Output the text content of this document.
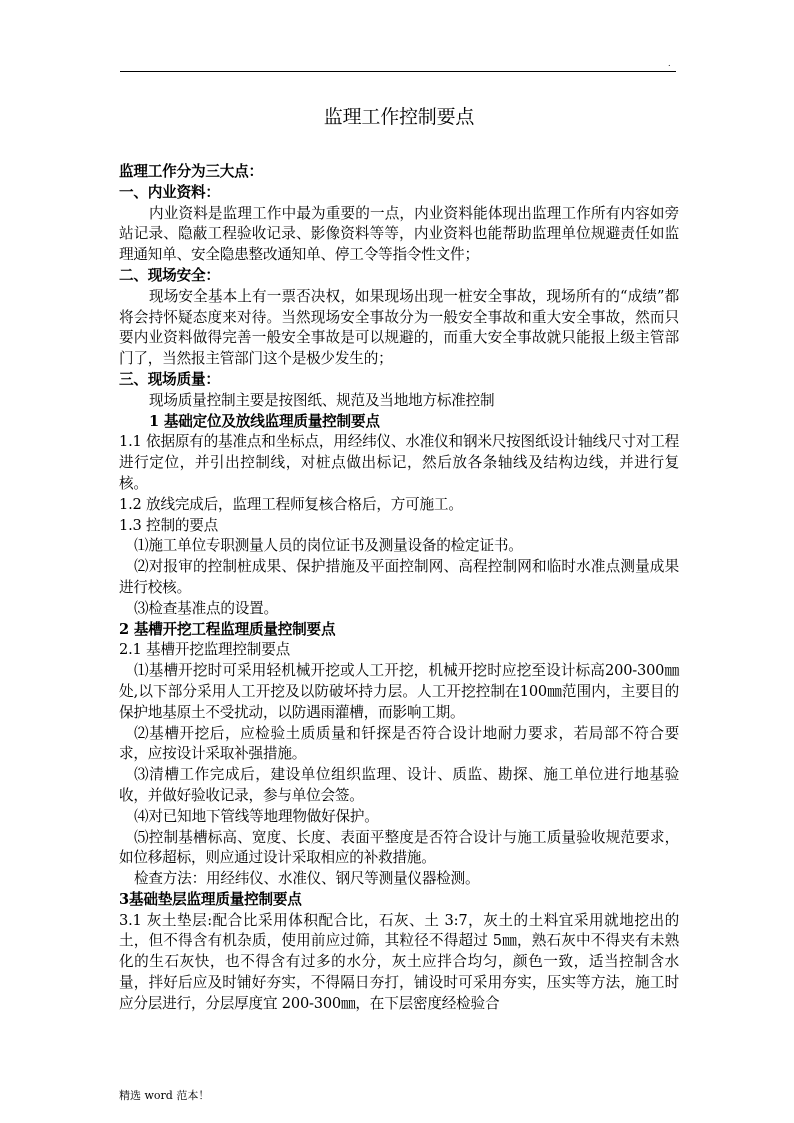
.
监理工作控制要点

监理工作分为三大点：

一、内业资料：

内业资料是监理工作中最为重要的一点，内业资料能体现出监理工作所有内容如旁站记录、隐蔽工程验收记录、影像资料等等，内业资料也能帮助监理单位规避责任如监理通知单、安全隐患整改通知单、停工令等指令性文件；

二、现场安全：

现场安全基本上有一票否决权，如果现场出现一桩安全事故，现场所有的“成绩”都将会持怀疑态度来对待。当然现场安全事故分为一般安全事故和重大安全事故，然而只要内业资料做得完善一般安全事故是可以规避的，而重大安全事故就只能报上级主管部门了，当然报主管部门这个是极少发生的；

三、现场质量：

现场质量控制主要是按图纸、规范及当地地方标准控制

1 基础定位及放线监理质量控制要点

1.1 依据原有的基准点和坐标点，用经纬仪、水准仪和钢米尺按图纸设计轴线尺寸对工程进行定位，并引出控制线，对桩点做出标记，然后放各条轴线及结构边线，并进行复核。

1.2 放线完成后，监理工程师复核合格后，方可施工。

1.3 控制的要点

⑴施工单位专职测量人员的岗位证书及测量设备的检定证书。

⑵对报审的控制桩成果、保护措施及平面控制网、高程控制网和临时水准点测量成果进行校核。

⑶检查基准点的设置。

2 基槽开挖工程监理质量控制要点

2.1 基槽开挖监理控制要点

⑴基槽开挖时可采用轻机械开挖或人工开挖，机械开挖时应挖至设计标高200-300㎜处,以下部分采用人工开挖及以防破坏持力层。人工开挖控制在100㎜范围内，主要目的保护地基原土不受扰动，以防遇雨灌槽，而影响工期。

⑵基槽开挖后，应检验土质质量和钎探是否符合设计地耐力要求，若局部不符合要求，应按设计采取补强措施。

⑶清槽工作完成后，建设单位组织监理、设计、质监、勘探、施工单位进行地基验收，并做好验收记录，参与单位会签。

⑷对已知地下管线等地理物做好保护。

⑸控制基槽标高、宽度、长度、表面平整度是否符合设计与施工质量验收规范要求，如位移超标，则应通过设计采取相应的补救措施。

检查方法：用经纬仪、水准仪、钢尺等测量仪器检测。

3基础垫层监理质量控制要点

3.1 灰土垫层:配合比采用体积配合比，石灰、土 3:7，灰土的土料宜采用就地挖出的土，但不得含有机杂质，使用前应过筛，其粒径不得超过 5㎜，熟石灰中不得夹有未熟化的生石灰快，也不得含有过多的水分，灰土应拌合均匀，颜色一致，适当控制含水量，拌好后应及时铺好夯实，不得隔日夯打，铺设时可采用夯实，压实等方法，施工时应分层进行，分层厚度宜 200-300㎜，在下层密度经检验合

精选 word 范本！
